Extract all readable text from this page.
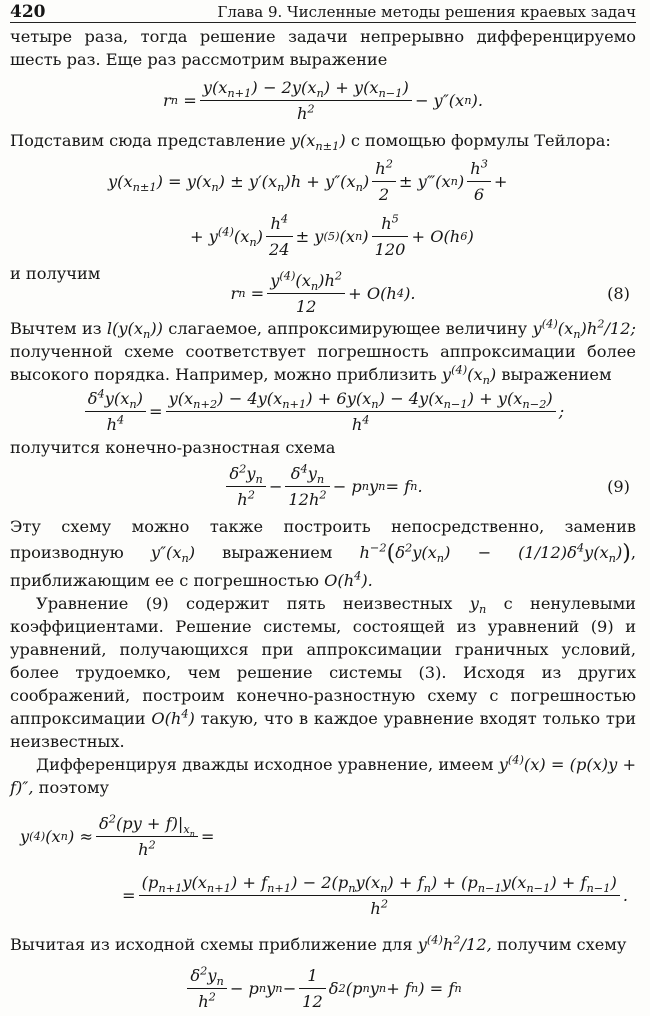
420	Глава 9. Численные методы решения краевых задач

четыре раза, тогда решение задачи непрерывно дифференцируемо шесть раз. Еще раз рассмотрим выражение

r $n = \frac{y(x_{n+1}) - 2y(x_n) + y(x_{n-1})}{h^2} - y''(x$ n ).

Подставим сюда представление $y(x_{n\pm 1})$ с помощью формулы Тейлора:

$y(x_{n\pm 1}) = y(x_n) \pm y'(x_n)h + y''(x_n) \frac{h^2}{2}$ ± y‴(x n ) $\frac{h^3}{6}$ +
+ $y^{(4)}(x_n) \frac{h^4}{24} \pm y$ (5) (x n ) $\frac{h^5}{120} + O(h$ 6 )

и получим

r $n = \frac{y^{(4)}(x_n)h^2}{12} + O(h$ 4 ).	(8)

Вычтем из $l(y(x_n))$ слагаемое, аппроксимирующее величину $y^{(4)}(x_n)h^2/12$; полученной схеме соответствует погрешность аппроксимации более высокого порядка. Например, можно приблизить $y^{(4)}(x_n)$ выражением

$\frac{\delta^4y(x_n)}{h^4} = \frac{y(x_{n+2}) - 4y(x_{n+1}) + 6y(x_n) - 4y(x_{n-1}) + y(x_{n-2})}{h^4}$ ;

получится конечно-разностная схема

$\frac{\delta^2y_n}{h^2} - \frac{\delta^4y_n}{12h^2} - p$ n y n = f n .	(9)

Эту схему можно также построить непосредственно, заменив производную $y''(x_n)$ выражением $h^{-2}(\delta^2y(x_n) - (1/12)\delta^4y(x_n))$, приближающим ее с погрешностью $O(h^4)$.

Уравнение (9) содержит пять неизвестных $y_n$ с ненулевыми коэффициентами. Решение системы, состоящей из уравнений (9) и уравнений, получающихся при аппроксимации граничных условий, более трудоемко, чем решение системы (3). Исходя из других соображений, построим конечно-разностную схему с погрешностью аппроксимации $O(h^4)$ такую, что в каждое уравнение входят только три неизвестных.

Дифференцируя дважды исходное уравнение, имеем $y^{(4)}(x) = (p(x)y + f)''$, поэтому

y (4) (x n ) ≈ $\frac{\delta^2(py + f)|_{x_n}}{h^2}$ =
=
$(p_{n+1}y(x_{n+1}) + f_{n+1}) - 2(p_ny(x_n) + f_n) + (p_{n-1}y(x_{n-1}) + f_{n-1})$
$h^2$	.

Вычитая из исходной схемы приближение для $y^{(4)}h^2/12$, получим схему

$\frac{\delta^2y_n}{h^2} - p$ n y $n - \frac{1}{12}$ δ 2 (p n y n + f n ) = f n
